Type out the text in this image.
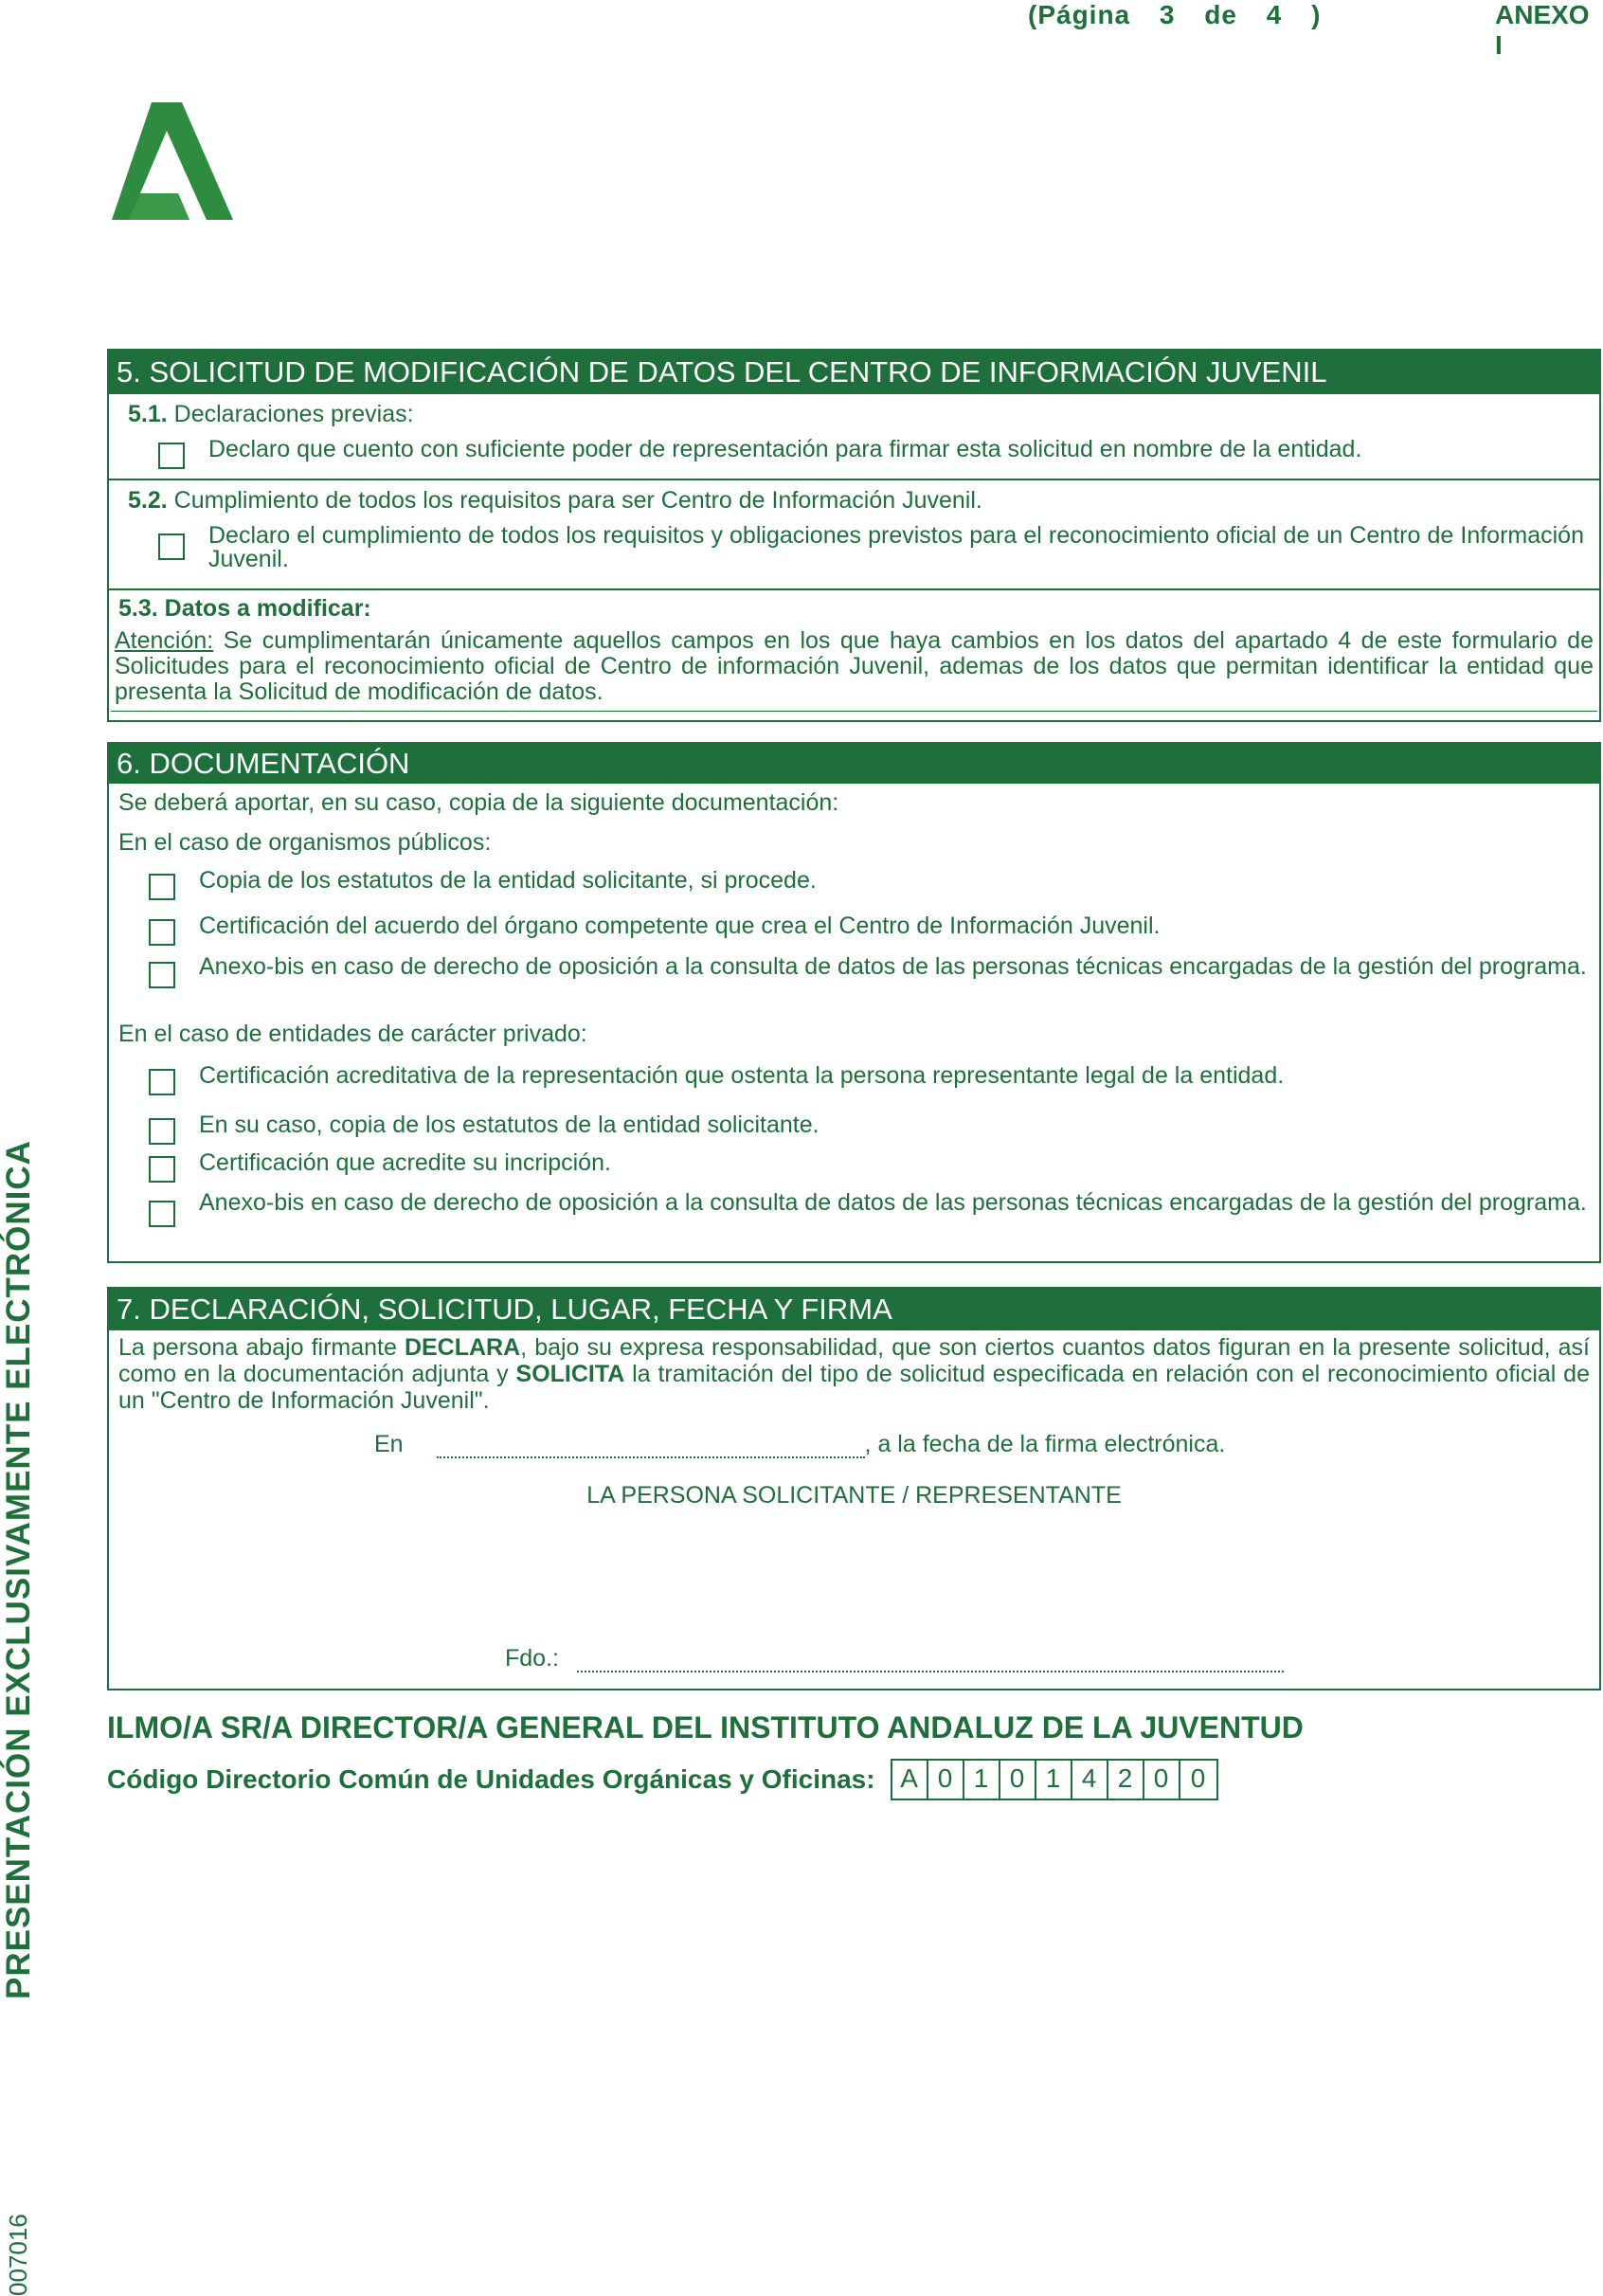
(Página 3 de 4 )	ANEXO I
PRESENTACIÓN EXCLUSIVAMENTE ELECTRÓNICA
007016
5. SOLICITUD DE MODIFICACIÓN DE DATOS DEL CENTRO DE INFORMACIÓN JUVENIL
5.1. Declaraciones previas:
Declaro que cuento con suficiente poder de representación para firmar esta solicitud en nombre de la entidad.
5.2. Cumplimiento de todos los requisitos para ser Centro de Información Juvenil.
Declaro el cumplimiento de todos los requisitos y obligaciones previstos para el reconocimiento oficial de un Centro de Información Juvenil.
5.3. Datos a modificar:
Atención: Se cumplimentarán únicamente aquellos campos en los que haya cambios en los datos del apartado 4 de este formulario de Solicitudes para el reconocimiento oficial de Centro de información Juvenil, ademas de los datos que permitan identificar la entidad que presenta la Solicitud de modificación de datos.
6. DOCUMENTACIÓN
Se deberá aportar, en su caso, copia de la siguiente documentación:
En el caso de organismos públicos:
Copia de los estatutos de la entidad solicitante, si procede.
Certificación del acuerdo del órgano competente que crea el Centro de Información Juvenil.
Anexo-bis en caso de derecho de oposición a la consulta de datos de las personas técnicas encargadas de la gestión del programa.
En el caso de entidades de carácter privado:
Certificación acreditativa de la representación que ostenta la persona representante legal de la entidad.
En su caso, copia de los estatutos de la entidad solicitante.
Certificación que acredite su incripción.
Anexo-bis en caso de derecho de oposición a la consulta de datos de las personas técnicas encargadas de la gestión del programa.
7. DECLARACIÓN, SOLICITUD, LUGAR, FECHA Y FIRMA
La persona abajo firmante DECLARA, bajo su expresa responsabilidad, que son ciertos cuantos datos figuran en la presente solicitud, así como en la documentación adjunta y SOLICITA la tramitación del tipo de solicitud especificada en relación con el reconocimiento oficial de un "Centro de Información Juvenil".
En	, a la fecha de la firma electrónica.
LA PERSONA SOLICITANTE / REPRESENTANTE
Fdo.:
ILMO/A SR/A DIRECTOR/A GENERAL DEL INSTITUTO ANDALUZ DE LA JUVENTUD
Código Directorio Común de Unidades Orgánicas y Oficinas: A 0 1 0 1 4 2 0 0
